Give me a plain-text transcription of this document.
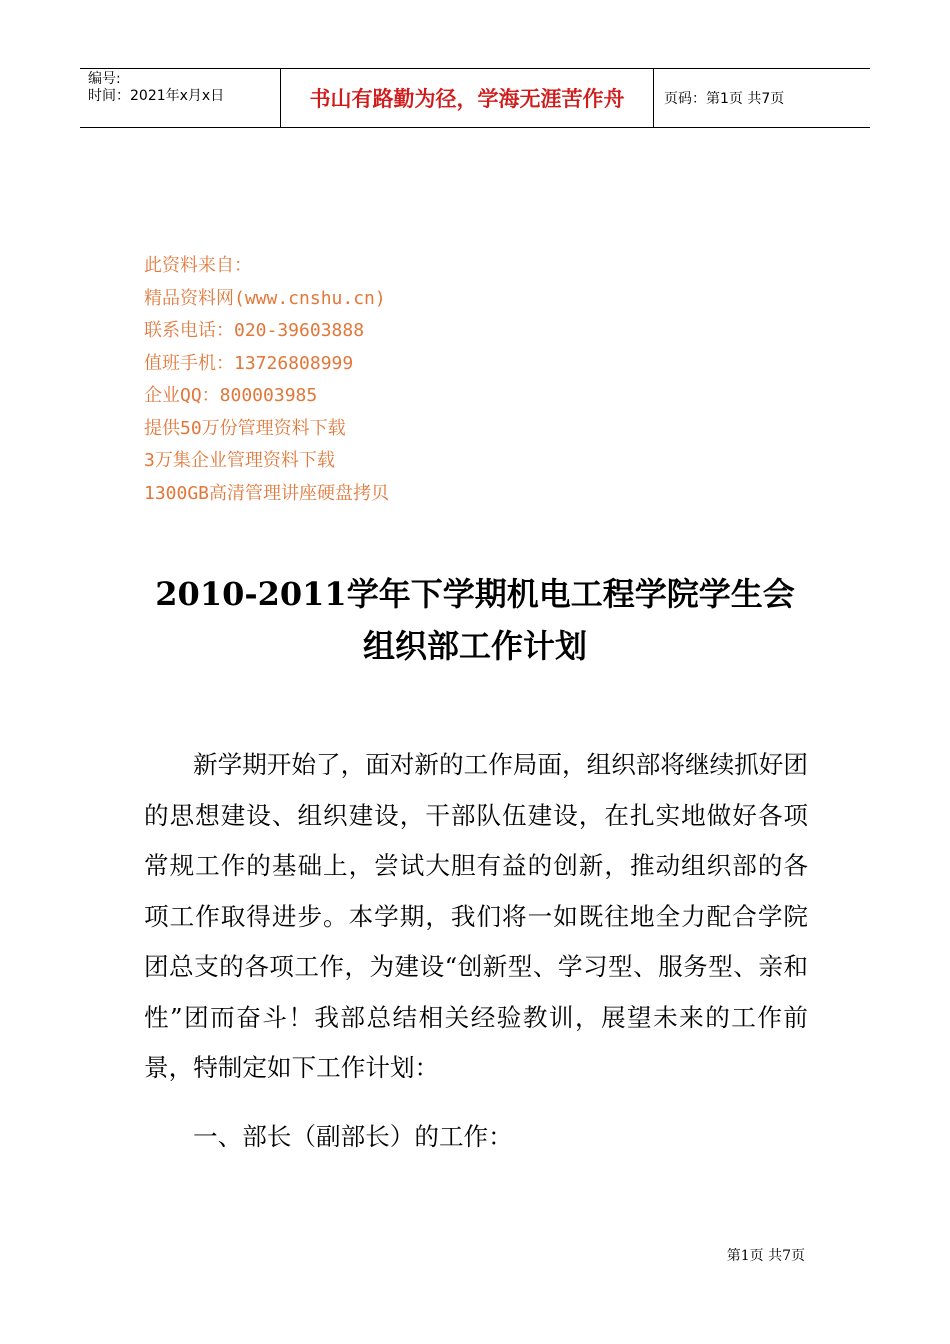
编号:
时间：2021年x月x日	书山有路勤为径，学海无涯苦作舟	页码：第1页 共7页
此资料来自：
精品资料网(www.cnshu.cn)
联系电话：020-39603888
值班手机：13726808999
企业QQ：800003985
提供50万份管理资料下载
3万集企业管理资料下载
1300GB高清管理讲座硬盘拷贝
2010-2011学年下学期机电工程学院学生会
组织部工作计划
新学期开始了，面对新的工作局面，组织部将继续抓好团的思想建设、组织建设，干部队伍建设，在扎实地做好各项常规工作的基础上，尝试大胆有益的创新，推动组织部的各项工作取得进步。本学期，我们将一如既往地全力配合学院团总支的各项工作，为建设“创新型、学习型、服务型、亲和性”团而奋斗！我部总结相关经验教训，展望未来的工作前景，特制定如下工作计划：
一、部长（副部长）的工作：
第1页 共7页
